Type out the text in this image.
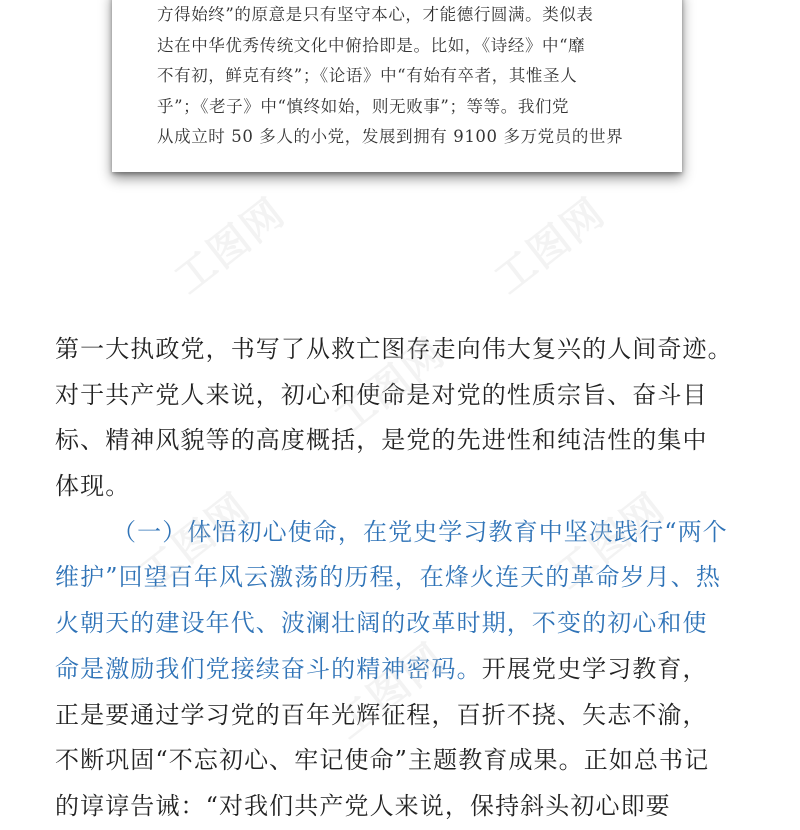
方得始终”的原意是只有坚守本心，才能德行圆满。类似表
达在中华优秀传统文化中俯拾即是。比如，《诗经》中“靡
不有初，鲜克有终”；《论语》中“有始有卒者，其惟圣人
乎”；《老子》中“慎终如始，则无败事”；等等。我们党
从成立时 50 多人的小党，发展到拥有 9100 多万党员的世界
第一大执政党，书写了从救亡图存走向伟大复兴的人间奇迹。
对于共产党人来说，初心和使命是对党的性质宗旨、奋斗目
标、精神风貌等的高度概括，是党的先进性和纯洁性的集中
体现。
（一）体悟初心使命，在党史学习教育中坚决践行“两个
维护”回望百年风云激荡的历程，在烽火连天的革命岁月、热
火朝天的建设年代、波澜壮阔的改革时期，不变的初心和使
命是激励我们党接续奋斗的精神密码。开展党史学习教育，
正是要通过学习党的百年光辉征程，百折不挠、矢志不渝，
不断巩固“不忘初心、牢记使命”主题教育成果。正如总书记
的谆谆告诫：“对我们共产党人来说，保持斜头初心即要
工图网	工图网
工图网
工图网	工图网
工图网
